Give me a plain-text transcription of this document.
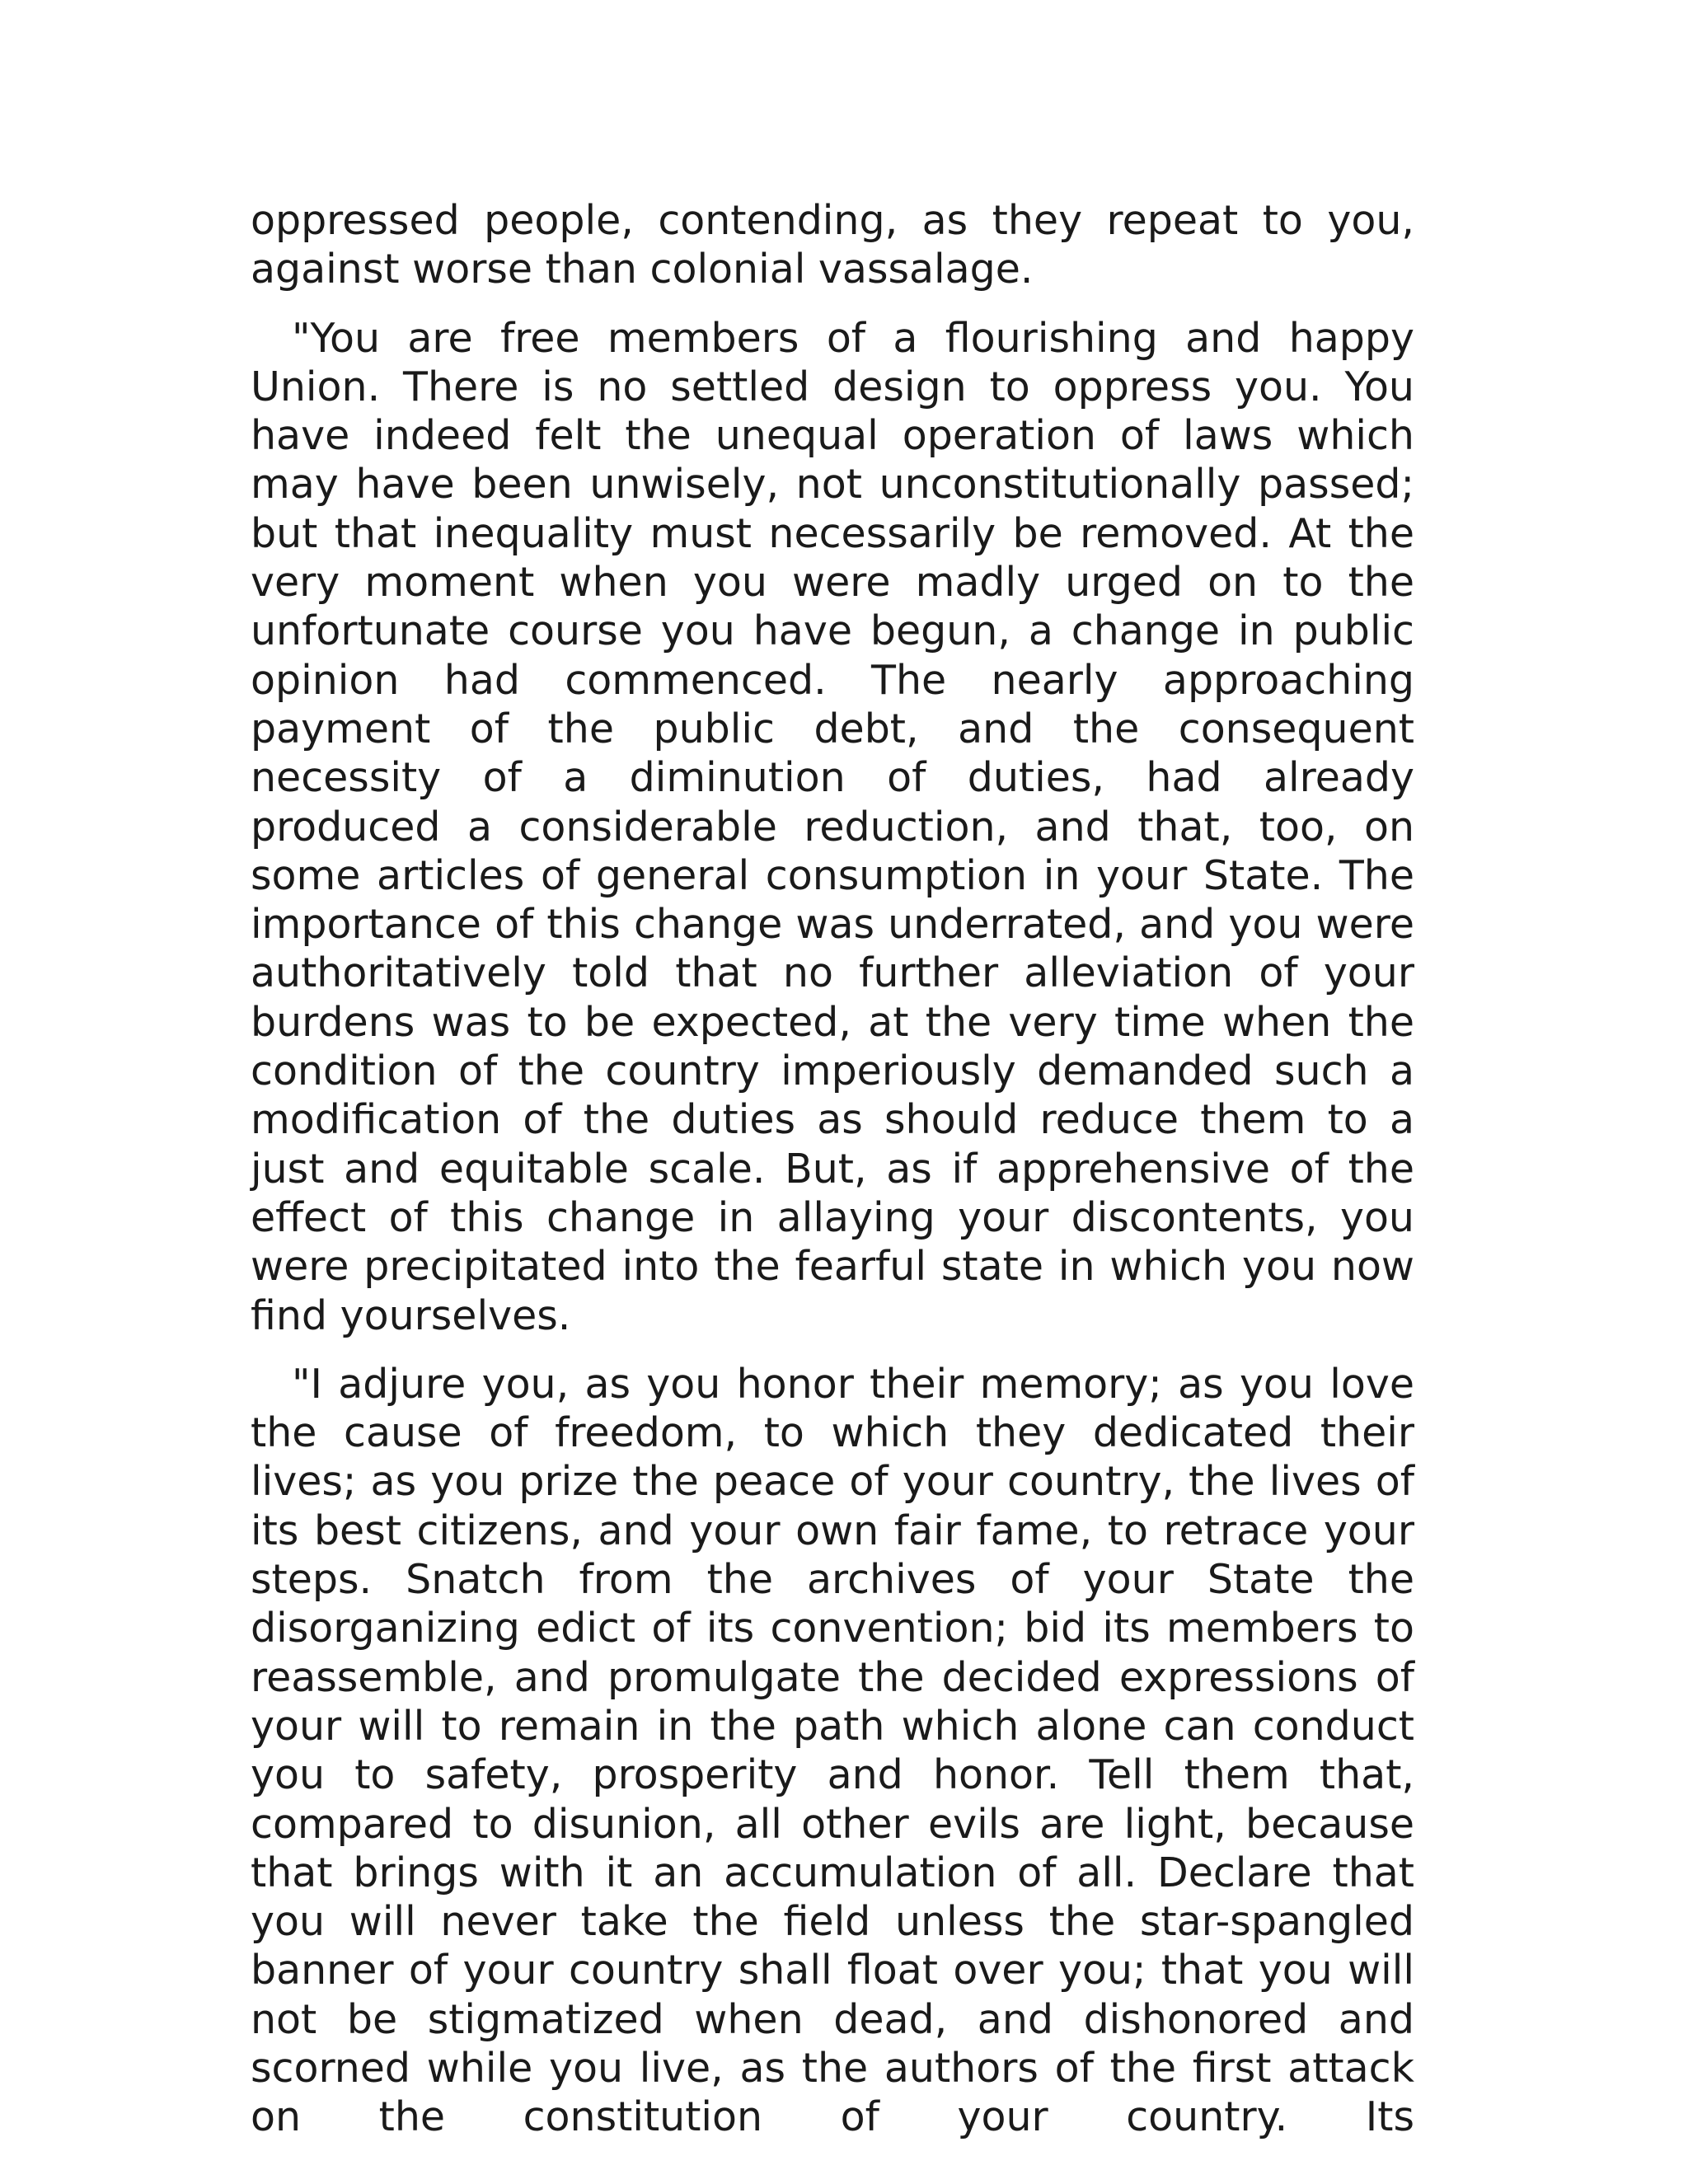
oppressed people, contending, as they repeat to you, against worse than colonial vassalage.

"You are free members of a flourishing and happy Union. There is no settled design to oppress you. You have indeed felt the unequal operation of laws which may have been unwisely, not unconstitutionally passed; but that inequality must necessarily be removed. At the very moment when you were madly urged on to the unfortunate course you have begun, a change in public opinion had commenced. The nearly approaching payment of the public debt, and the consequent necessity of a diminution of duties, had already produced a considerable reduction, and that, too, on some articles of general consumption in your State. The importance of this change was underrated, and you were authoritatively told that no further alleviation of your burdens was to be expected, at the very time when the condition of the country imperiously demanded such a modification of the duties as should reduce them to a just and equitable scale. But, as if apprehensive of the effect of this change in allaying your discontents, you were precipitated into the fearful state in which you now find yourselves.

"I adjure you, as you honor their memory; as you love the cause of freedom, to which they dedicated their lives; as you prize the peace of your country, the lives of its best citizens, and your own fair fame, to retrace your steps. Snatch from the archives of your State the disorganizing edict of its convention; bid its members to reassemble, and promulgate the decided expressions of your will to remain in the path which alone can conduct you to safety, prosperity and honor. Tell them that, compared to disunion, all other evils are light, because that brings with it an accumulation of all. Declare that you will never take the field unless the star-spangled banner of your country shall float over you; that you will not be stigmatized when dead, and dishonored and scorned while you live, as the authors of the first attack on the constitution of your country. Its
